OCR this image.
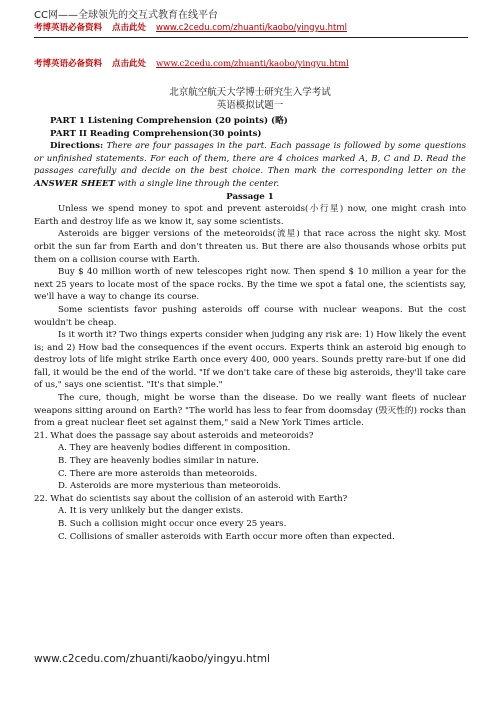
CC网——全球领先的交互式教育在线平台
考博英语必备资料 点击此处 www.c2cedu.com/zhuanti/kaobo/yingyu.html
考博英语必备资料 点击此处 www.c2cedu.com/zhuanti/kaobo/yingyu.html
北京航空航天大学博士研究生入学考试
英语模拟试题一
PART 1 Listening Comprehension (20 points) (略)
PART II Reading Comprehension(30 points)
Directions: There are four passages in the part. Each passage is followed by some questions or unfinished statements. For each of them, there are 4 choices marked A, B, C and D. Read the passages carefully and decide on the best choice. Then mark the corresponding letter on the ANSWER SHEET with a single line through the center.
Passage 1

Unless we spend money to spot and prevent asteroids(小行星) now, one might crash into Earth and destroy life as we know it, say some scientists.

Asteroids are bigger versions of the meteoroids(流星) that race across the night sky. Most orbit the sun far from Earth and don't threaten us. But there are also thousands whose orbits put them on a collision course with Earth.

Buy $ 40 million worth of new telescopes right now. Then spend $ 10 million a year for the next 25 years to locate most of the space rocks. By the time we spot a fatal one, the scientists say, we'll have a way to change its course.

Some scientists favor pushing asteroids off course with nuclear weapons. But the cost wouldn't be cheap.

Is it worth it? Two things experts consider when judging any risk are: 1) How likely the event is; and 2) How bad the consequences if the event occurs. Experts think an asteroid big enough to destroy lots of life might strike Earth once every 400, 000 years. Sounds pretty rare-but if one did fall, it would be the end of the world. "If we don't take care of these big asteroids, they'll take care of us," says one scientist. "It's that simple."

The cure, though, might be worse than the disease. Do we really want fleets of nuclear weapons sitting around on Earth? "The world has less to fear from doomsday (毁灭性的) rocks than from a great nuclear fleet set against them," said a New York Times article.

21. What does the passage say about asteroids and meteoroids?

A. They are heavenly bodies different in composition.

B. They are heavenly bodies similar in nature.

C. There are more asteroids than meteoroids.

D. Asteroids are more mysterious than meteoroids.

22. What do scientists say about the collision of an asteroid with Earth?

A. It is very unlikely but the danger exists.

B. Such a collision might occur once every 25 years.

C. Collisions of smaller asteroids with Earth occur more often than expected.

www.c2cedu.com/zhuanti/kaobo/yingyu.html
